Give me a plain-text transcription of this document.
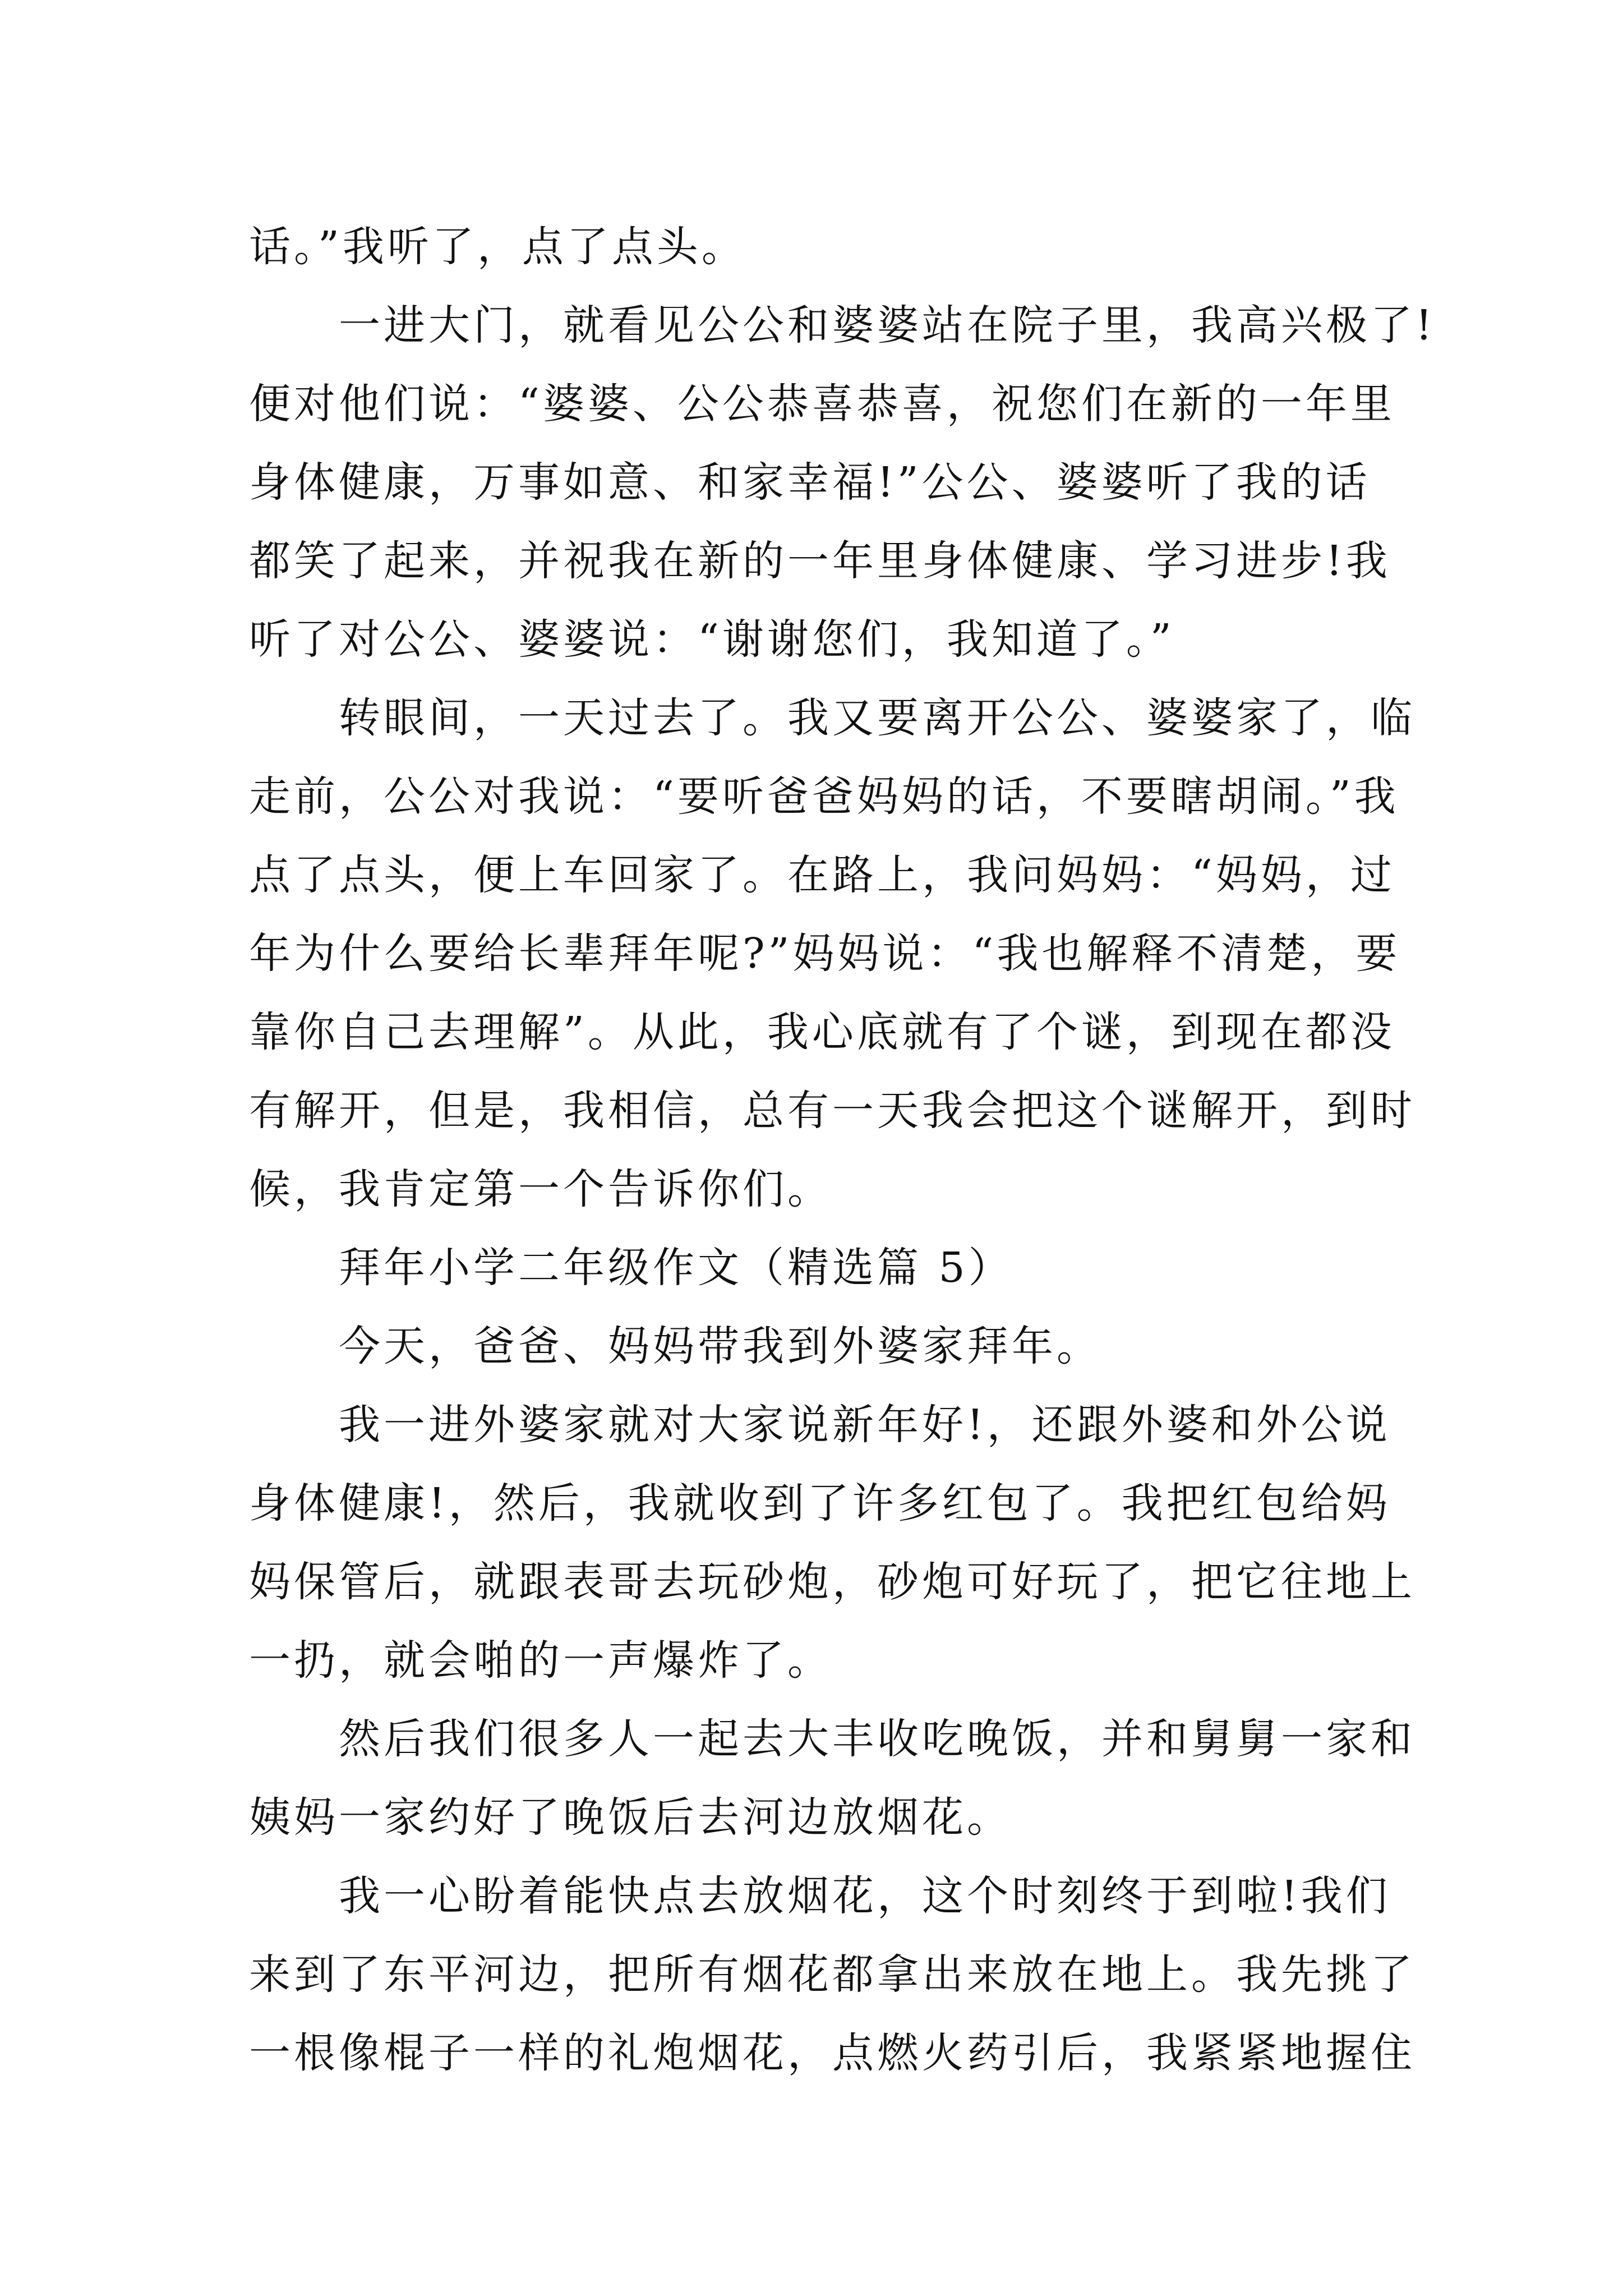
话。”我听了，点了点头。
　　一进大门，就看见公公和婆婆站在院子里，我高兴极了!
便对他们说：“婆婆、公公恭喜恭喜，祝您们在新的一年里
身体健康，万事如意、和家幸福!”公公、婆婆听了我的话
都笑了起来，并祝我在新的一年里身体健康、学习进步!我
听了对公公、婆婆说：“谢谢您们，我知道了。”
　　转眼间，一天过去了。我又要离开公公、婆婆家了，临
走前，公公对我说：“要听爸爸妈妈的话，不要瞎胡闹。”我
点了点头，便上车回家了。在路上，我问妈妈：“妈妈，过
年为什么要给长辈拜年呢?”妈妈说：“我也解释不清楚，要
靠你自己去理解”。从此，我心底就有了个谜，到现在都没
有解开，但是，我相信，总有一天我会把这个谜解开，到时
候，我肯定第一个告诉你们。
　　拜年小学二年级作文（精选篇 5）
　　今天，爸爸、妈妈带我到外婆家拜年。
　　我一进外婆家就对大家说新年好!，还跟外婆和外公说
身体健康!，然后，我就收到了许多红包了。我把红包给妈
妈保管后，就跟表哥去玩砂炮，砂炮可好玩了，把它往地上
一扔，就会啪的一声爆炸了。
　　然后我们很多人一起去大丰收吃晚饭，并和舅舅一家和
姨妈一家约好了晚饭后去河边放烟花。
　　我一心盼着能快点去放烟花，这个时刻终于到啦!我们
来到了东平河边，把所有烟花都拿出来放在地上。我先挑了
一根像棍子一样的礼炮烟花，点燃火药引后，我紧紧地握住
